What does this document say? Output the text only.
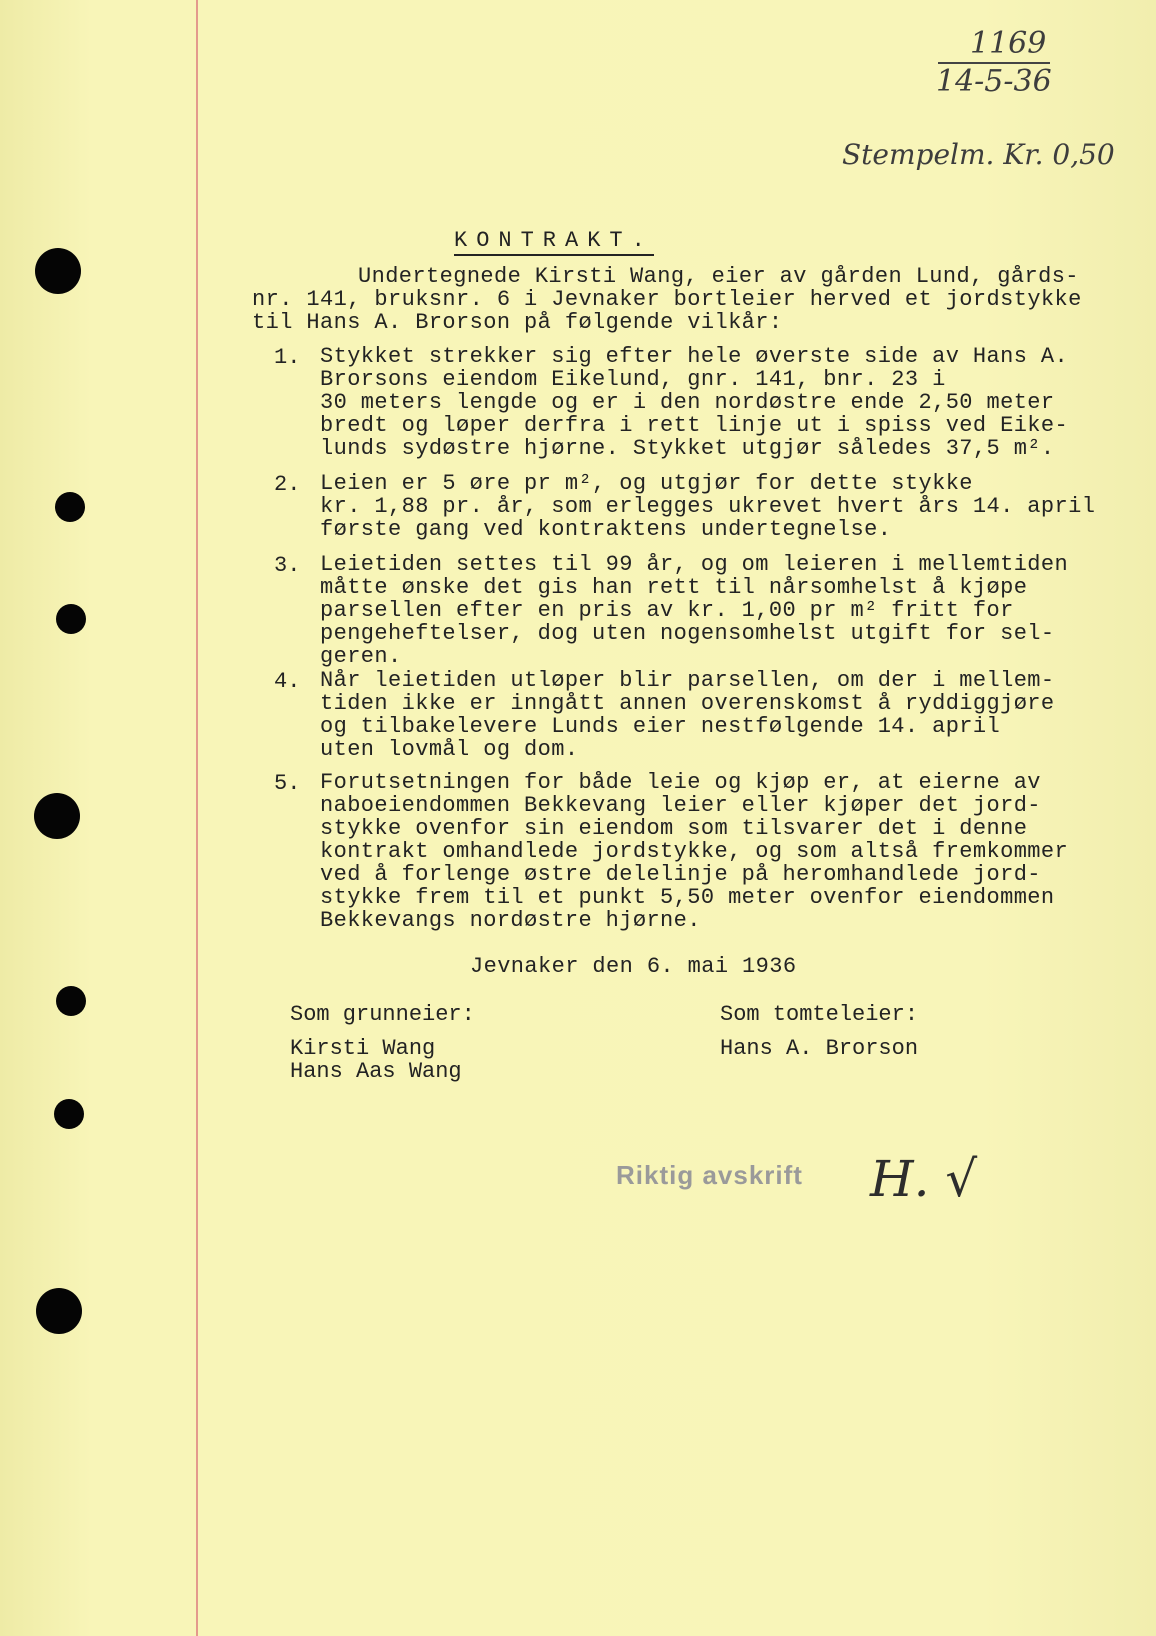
1169
14-5-36
Stempelm. Kr. 0,50
KONTRAKT.
Undertegnede Kirsti Wang, eier av gården Lund, gårds-
nr. 141, bruksnr. 6 i Jevnaker bortleier herved et jordstykke
til Hans A. Brorson på følgende vilkår:
1. Stykket strekker sig efter hele øverste side av Hans A.
Brorsons eiendom Eikelund, gnr. 141, bnr. 23 i
30 meters lengde og er i den nordøstre ende 2,50 meter
bredt og løper derfra i rett linje ut i spiss ved Eike-
lunds sydøstre hjørne. Stykket utgjør således 37,5 m².
2. Leien er 5 øre pr m², og utgjør for dette stykke
kr. 1,88 pr. år, som erlegges ukrevet hvert års 14. april
første gang ved kontraktens undertegnelse.
3. Leietiden settes til 99 år, og om leieren i mellemtiden
måtte ønske det gis han rett til nårsomhelst å kjøpe
parsellen efter en pris av kr. 1,00 pr m² fritt for
pengeheftelser, dog uten nogensomhelst utgift for sel-
geren.
4. Når leietiden utløper blir parsellen, om der i mellem-
tiden ikke er inngått annen overenskomst å ryddiggjøre
og tilbakelevere Lunds eier nestfølgende 14. april
uten lovmål og dom.
5. Forutsetningen for både leie og kjøp er, at eierne av
naboeiendommen Bekkevang leier eller kjøper det jord-
stykke ovenfor sin eiendom som tilsvarer det i denne
kontrakt omhandlede jordstykke, og som altså fremkommer
ved å forlenge østre delelinje på heromhandlede jord-
stykke frem til et punkt 5,50 meter ovenfor eiendommen
Bekkevangs nordøstre hjørne.
Jevnaker den 6. mai 1936
Som grunneier:
Kirsti Wang
Hans Aas Wang
Som tomteleier:
Hans A. Brorson
Riktig avskrift H. √
